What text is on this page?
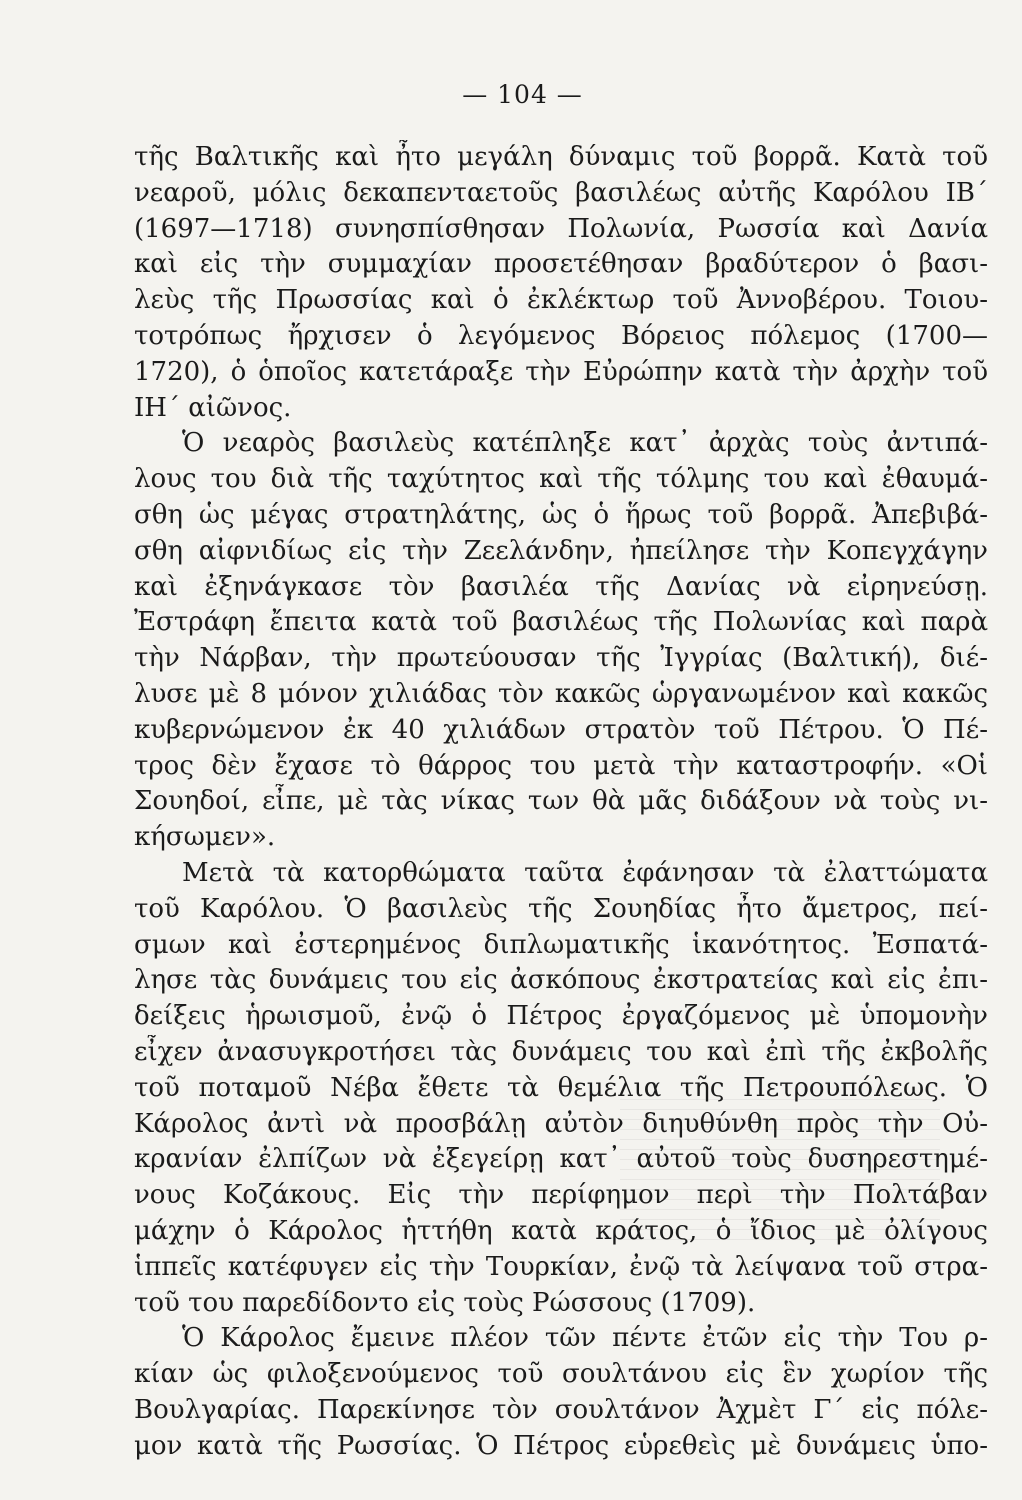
— 104 —
τῆς Βαλτικῆς καὶ ἦτο μεγάλη δύναμις τοῦ βορρᾶ. Κατὰ τοῦ
νεαροῦ, μόλις δεκαπενταετοῦς βασιλέως αὐτῆς Καρόλου ΙΒ΄
(1697—1718) συνησπίσθησαν Πολωνία, Ρωσσία καὶ Δανία
καὶ εἰς τὴν συμμαχίαν προσετέθησαν βραδύτερον ὁ βασι-
λεὺς τῆς Πρωσσίας καὶ ὁ ἐκλέκτωρ τοῦ Ἀννοβέρου. Τοιου-
τοτρόπως ἤρχισεν ὁ λεγόμενος Βόρειος πόλεμος (1700—
1720), ὁ ὁποῖος κατετάραξε τὴν Εὐρώπην κατὰ τὴν ἀρχὴν τοῦ
ΙΗ΄ αἰῶνος.
Ὁ νεαρὸς βασιλεὺς κατέπληξε κατ᾿ ἀρχὰς τοὺς ἀντιπά-
λους του διὰ τῆς ταχύτητος καὶ τῆς τόλμης του καὶ ἐθαυμά-
σθη ὡς μέγας στρατηλάτης, ὡς ὁ ἥρως τοῦ βορρᾶ. Ἀπεβιβά-
σθη αἰφνιδίως εἰς τὴν Ζεελάνδην, ἠπείλησε τὴν Κοπεγχάγην
καὶ ἐξηνάγκασε τὸν βασιλέα τῆς Δανίας νὰ εἰρηνεύσῃ.
Ἐστράφη ἔπειτα κατὰ τοῦ βασιλέως τῆς Πολωνίας καὶ παρὰ
τὴν Νάρβαν, τὴν πρωτεύουσαν τῆς Ἰγγρίας (Βαλτική), διέ-
λυσε μὲ 8 μόνον χιλιάδας τὸν κακῶς ὡργανωμένον καὶ κακῶς
κυβερνώμενον ἐκ 40 χιλιάδων στρατὸν τοῦ Πέτρου. Ὁ Πέ-
τρος δὲν ἔχασε τὸ θάρρος του μετὰ τὴν καταστροφήν. «Οἱ
Σουηδοί, εἶπε, μὲ τὰς νίκας των θὰ μᾶς διδάξουν νὰ τοὺς νι-
κήσωμεν».
Μετὰ τὰ κατορθώματα ταῦτα ἐφάνησαν τὰ ἐλαττώματα
τοῦ Καρόλου. Ὁ βασιλεὺς τῆς Σουηδίας ἦτο ἄμετρος, πεί-
σμων καὶ ἐστερημένος διπλωματικῆς ἱκανότητος. Ἐσπατά-
λησε τὰς δυνάμεις του εἰς ἀσκόπους ἐκστρατείας καὶ εἰς ἐπι-
δείξεις ἡρωισμοῦ, ἐνῷ ὁ Πέτρος ἐργαζόμενος μὲ ὑπομονὴν
εἶχεν ἀνασυγκροτήσει τὰς δυνάμεις του καὶ ἐπὶ τῆς ἐκβολῆς
τοῦ ποταμοῦ Νέβα ἔθετε τὰ θεμέλια τῆς Πετρουπόλεως. Ὁ
Κάρολος ἀντὶ νὰ προσβάλῃ αὐτὸν διηυθύνθη πρὸς τὴν Οὐ-
κρανίαν ἐλπίζων νὰ ἐξεγείρῃ κατ᾿ αὐτοῦ τοὺς δυσηρεστημέ-
νους Κοζάκους. Εἰς τὴν περίφημον περὶ τὴν Πολτάβαν
μάχην ὁ Κάρολος ἡττήθη κατὰ κράτος, ὁ ἴδιος μὲ ὀλίγους
ἱππεῖς κατέφυγεν εἰς τὴν Τουρκίαν, ἐνῷ τὰ λείψανα τοῦ στρα-
τοῦ του παρεδίδοντο εἰς τοὺς Ρώσσους (1709).
Ὁ Κάρολος ἔμεινε πλέον τῶν πέντε ἐτῶν εἰς τὴν Του ρ-
κίαν ὡς φιλοξενούμενος τοῦ σουλτάνου εἰς ἓν χωρίον τῆς
Βουλγαρίας. Παρεκίνησε τὸν σουλτάνον Ἀχμὲτ Γ΄ εἰς πόλε-
μον κατὰ τῆς Ρωσσίας. Ὁ Πέτρος εὑρεθεὶς μὲ δυνάμεις ὑπο-
